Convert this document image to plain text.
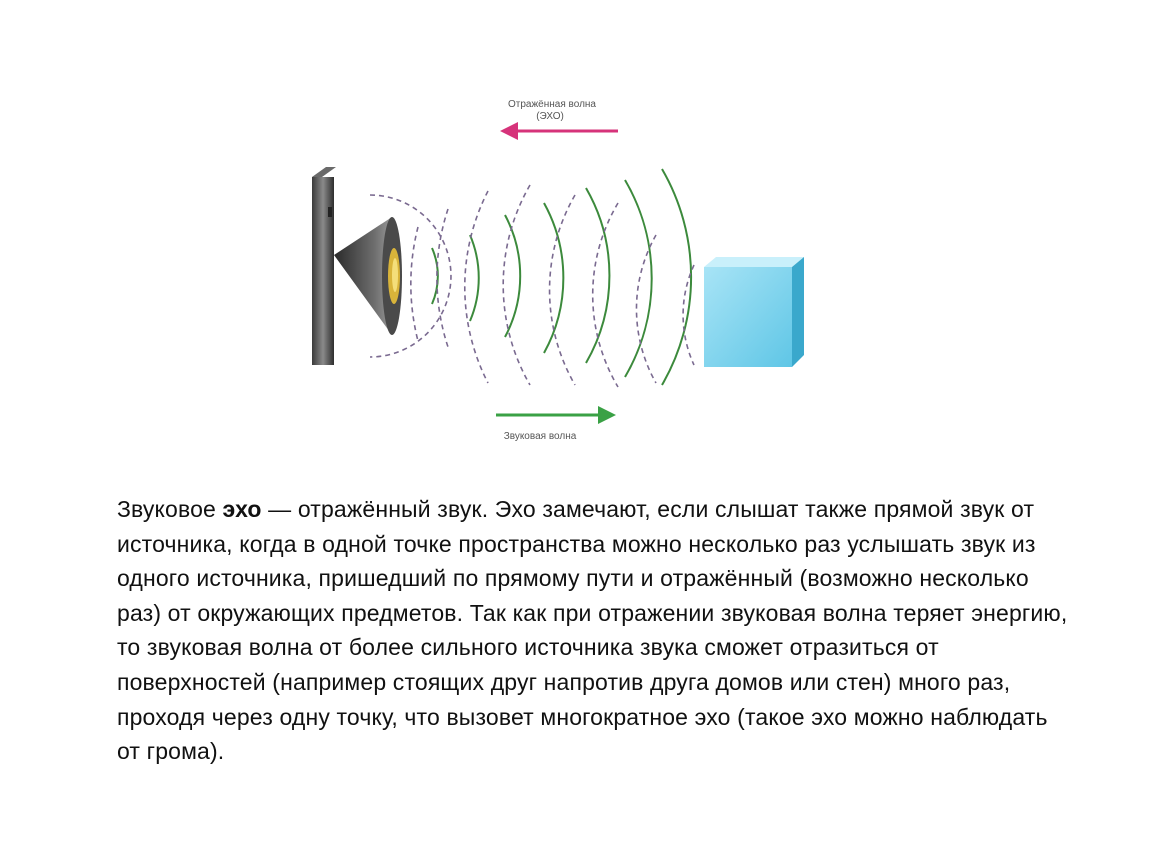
Отражённая волна
(ЭХО)
Звуковая волна

Звуковое эхо — отражённый звук. Эхо замечают, если слышат также прямой звук от источника, когда в одной точке пространства можно несколько раз услышать звук из одного источника, пришедший по прямому пути и отражённый (возможно несколько раз) от окружающих предметов. Так как при отражении звуковая волна теряет энергию, то звуковая волна от более сильного источника звука сможет отразиться от поверхностей (например стоящих друг напротив друга домов или стен) много раз, проходя через одну точку, что вызовет многократное эхо (такое эхо можно наблюдать от грома).
